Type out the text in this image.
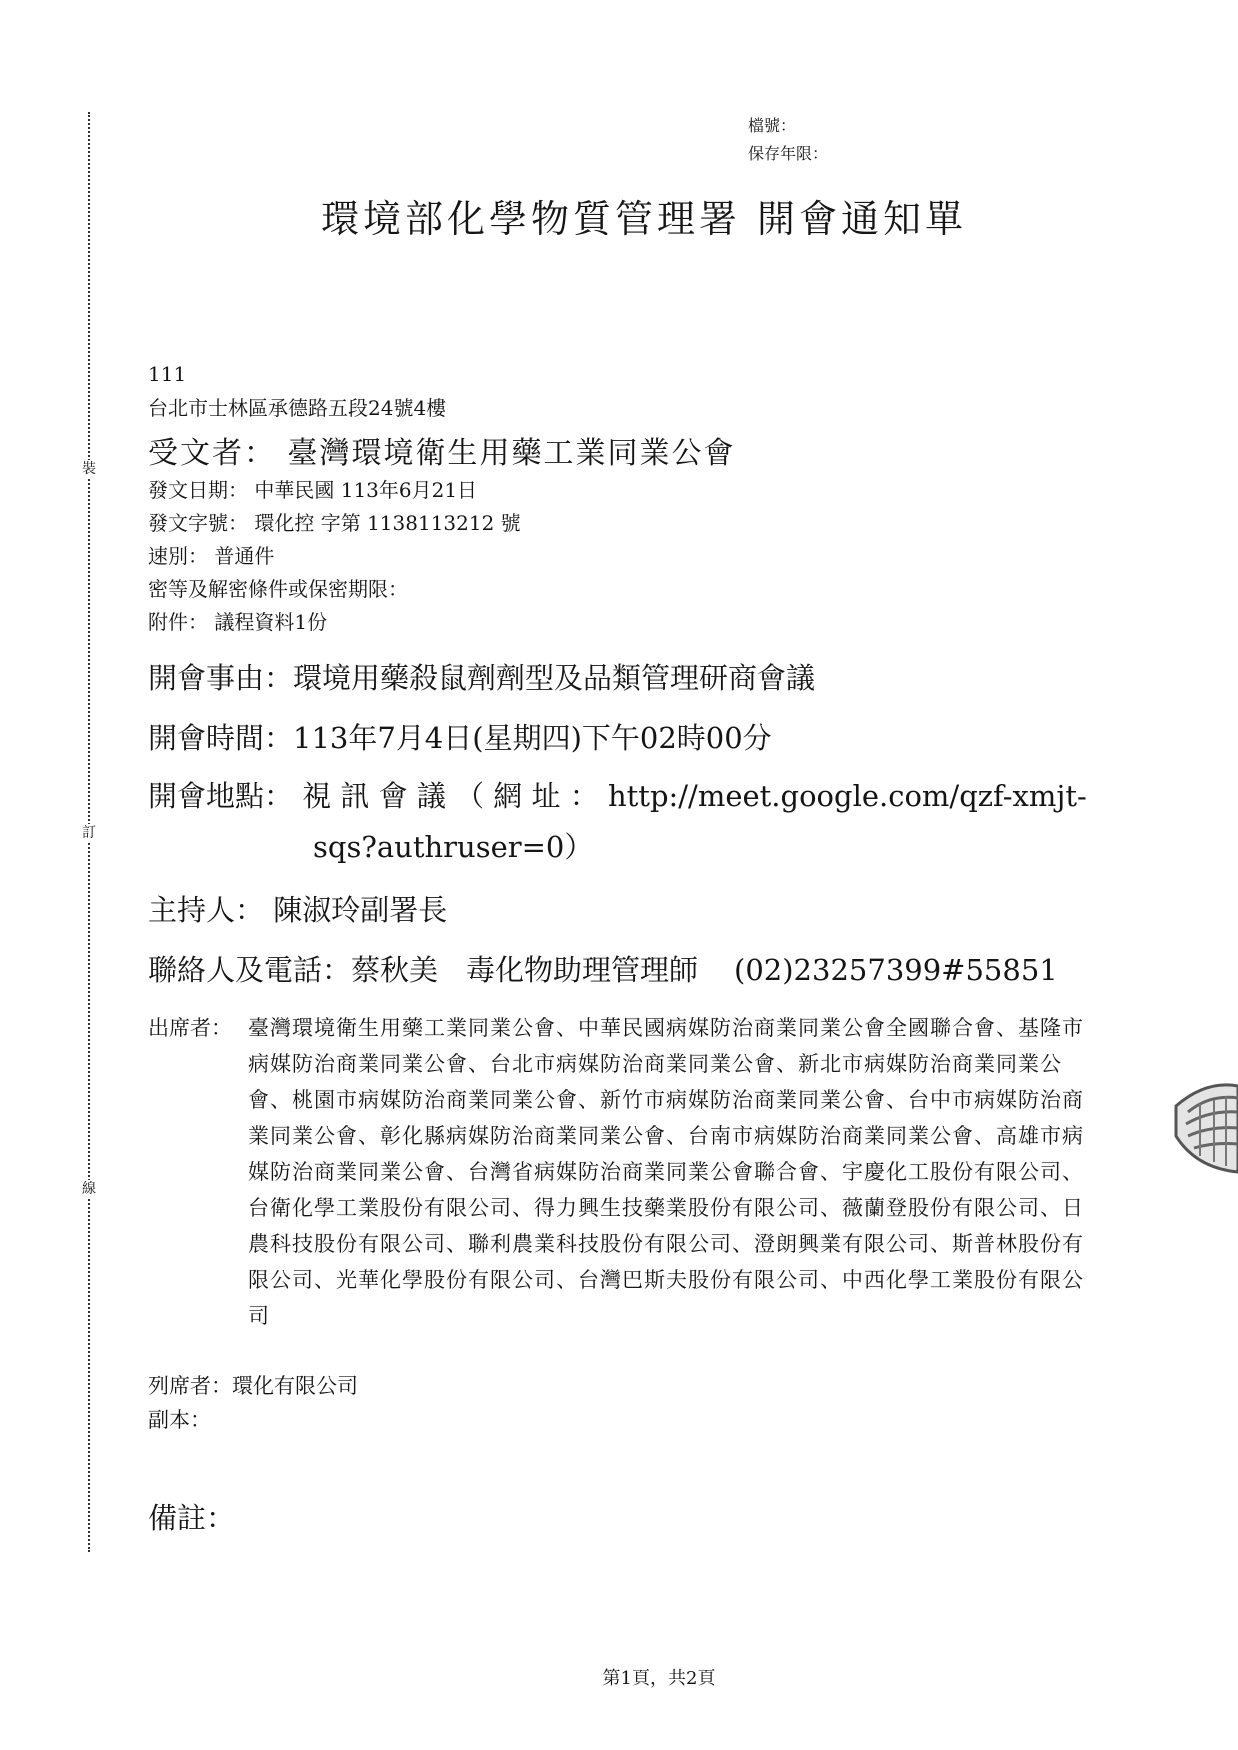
裝
訂
線
檔號：
保存年限：
環境部化學物質管理署 開會通知單
111
台北市士林區承德路五段24號4樓
受文者： 臺灣環境衛生用藥工業同業公會
發文日期： 中華民國 113年6月21日
發文字號： 環化控 字第 1138113212 號
速別： 普通件
密等及解密條件或保密期限：
附件： 議程資料1份
開會事由：環境用藥殺鼠劑劑型及品類管理研商會議
開會時間：113年7月4日(星期四)下午02時00分
開會地點： 視 訊 會 議 （ 網 址 ： http://meet.google.com/qzf-xmjt-
sqs?authruser=0）
主持人： 陳淑玲副署長
聯絡人及電話：蔡秋美 毒化物助理管理師 (02)23257399#55851
出席者： 臺灣環境衛生用藥工業同業公會、中華民國病媒防治商業同業公會全國聯合會、基隆市病媒防治商業同業公會、台北市病媒防治商業同業公會、新北市病媒防治商業同業公會、桃園市病媒防治商業同業公會、新竹市病媒防治商業同業公會、台中市病媒防治商業同業公會、彰化縣病媒防治商業同業公會、台南市病媒防治商業同業公會、高雄市病媒防治商業同業公會、台灣省病媒防治商業同業公會聯合會、宇慶化工股份有限公司、台衛化學工業股份有限公司、得力興生技藥業股份有限公司、薇蘭登股份有限公司、日農科技股份有限公司、聯利農業科技股份有限公司、澄朗興業有限公司、斯普林股份有限公司、光華化學股份有限公司、台灣巴斯夫股份有限公司、中西化學工業股份有限公司
列席者：環化有限公司
副本：
備註：
第1頁，共2頁
